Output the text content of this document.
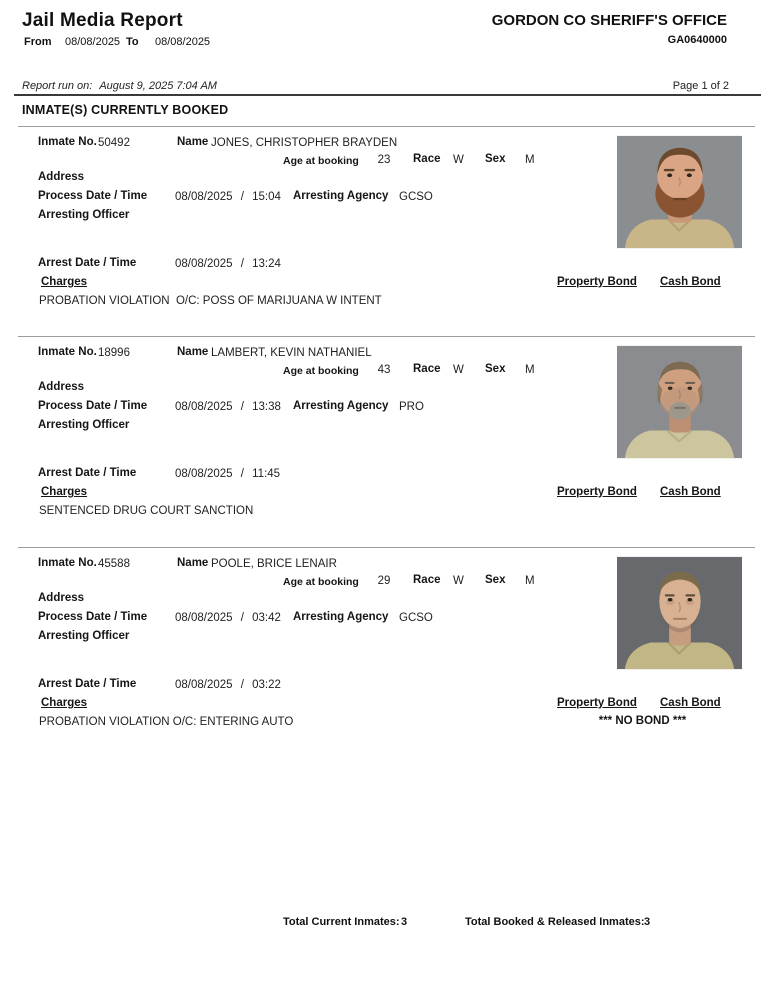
Jail Media Report
From 08/08/2025 To 08/08/2025
GORDON CO SHERIFF'S OFFICE
GA0640000
Report run on: August 9, 2025 7:04 AM	Page 1 of 2
INMATE(S) CURRENTLY BOOKED
Inmate No. 50492	Name JONES, CHRISTOPHER BRAYDEN
Age at booking	23	Race W Sex M
Address
Process Date / Time 08/08/2025 / 15:04 Arresting Agency GCSO
Arresting Officer
Arrest Date / Time	08/08/2025 / 13:24
Charges	Property Bond Cash Bond
PROBATION VIOLATION  O/C: POSS OF MARIJUANA W INTENT
Inmate No. 18996	Name LAMBERT, KEVIN NATHANIEL
Age at booking	43	Race W Sex M
Address
Process Date / Time 08/08/2025 / 13:38 Arresting Agency PRO
Arresting Officer
Arrest Date / Time	08/08/2025 / 11:45
Charges	Property Bond Cash Bond
SENTENCED DRUG COURT SANCTION
Inmate No. 45588	Name POOLE, BRICE LENAIR
Age at booking	29	Race W Sex M
Address
Process Date / Time 08/08/2025 / 03:42 Arresting Agency GCSO
Arresting Officer
Arrest Date / Time	08/08/2025 / 03:22
Charges	Property Bond Cash Bond
PROBATION VIOLATION O/C: ENTERING AUTO	*** NO BOND ***
Total Current Inmates: 3	Total Booked & Released Inmates: 3
